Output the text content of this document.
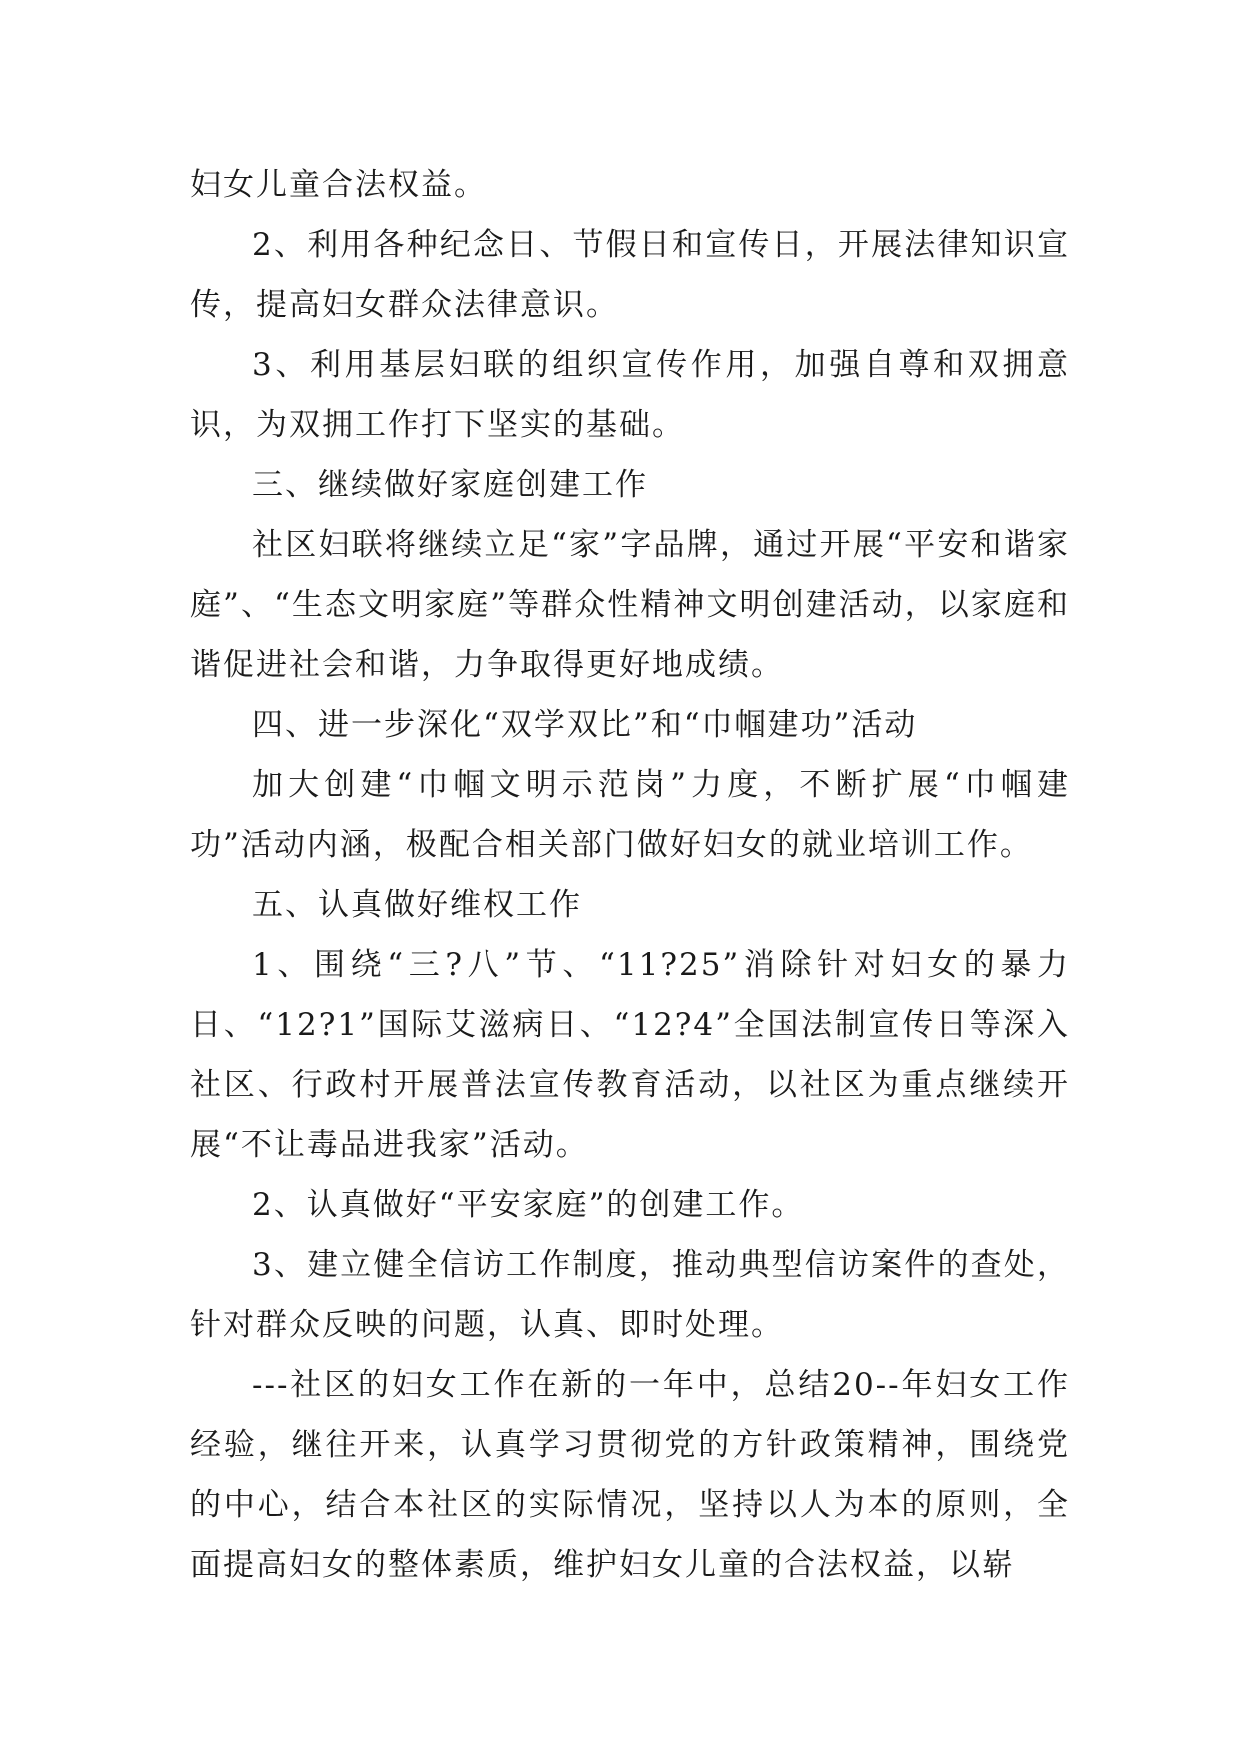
妇女儿童合法权益。

2、利用各种纪念日、节假日和宣传日，开展法律知识宣传，提高妇女群众法律意识。

3、利用基层妇联的组织宣传作用，加强自尊和双拥意识，为双拥工作打下坚实的基础。

三、继续做好家庭创建工作

社区妇联将继续立足“家”字品牌，通过开展“平安和谐家庭”、“生态文明家庭”等群众性精神文明创建活动，以家庭和谐促进社会和谐，力争取得更好地成绩。

四、进一步深化“双学双比”和“巾帼建功”活动

加大创建“巾帼文明示范岗”力度，不断扩展“巾帼建功”活动内涵，极配合相关部门做好妇女的就业培训工作。

五、认真做好维权工作

1、围绕“三?八”节、“11?25”消除针对妇女的暴力日、“12?1”国际艾滋病日、“12?4”全国法制宣传日等深入社区、行政村开展普法宣传教育活动，以社区为重点继续开展“不让毒品进我家”活动。

2、认真做好“平安家庭”的创建工作。

3、建立健全信访工作制度，推动典型信访案件的查处，针对群众反映的问题，认真、即时处理。

---社区的妇女工作在新的一年中，总结20--年妇女工作经验，继往开来，认真学习贯彻党的方针政策精神，围绕党的中心，结合本社区的实际情况，坚持以人为本的原则，全面提高妇女的整体素质，维护妇女儿童的合法权益，以崭
